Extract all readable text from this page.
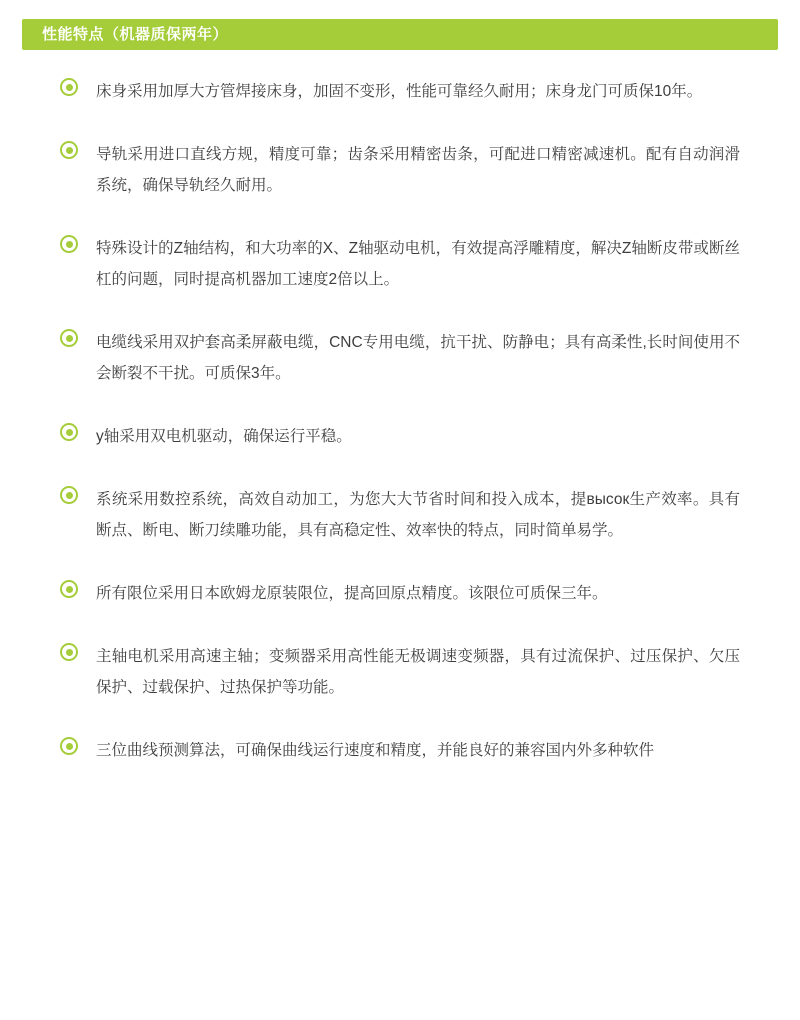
性能特点（机器质保两年）
床身采用加厚大方管焊接床身，加固不变形，性能可靠经久耐用；床身龙门可质保10年。
导轨采用进口直线方规，精度可靠；齿条采用精密齿条，可配进口精密减速机。配有自动润滑系统，确保导轨经久耐用。
特殊设计的Z轴结构，和大功率的X、Z轴驱动电机，有效提高浮雕精度，解决Z轴断皮带或断丝杠的问题，同时提高机器加工速度2倍以上。
电缆线采用双护套高柔屏蔽电缆，CNC专用电缆，抗干扰、防静电；具有高柔性,长时间使用不会断裂不干扰。可质保3年。
y轴采用双电机驱动，确保运行平稳。
系统采用数控系统，高效自动加工，为您大大节省时间和投入成本，提высок生产效率。具有断点、断电、断刀续雕功能，具有高稳定性、效率快的特点，同时简单易学。
所有限位采用日本欧姆龙原装限位，提高回原点精度。该限位可质保三年。
主轴电机采用高速主轴；变频器采用高性能无极调速变频器，具有过流保护、过压保护、欠压保护、过载保护、过热保护等功能。
三位曲线预测算法，可确保曲线运行速度和精度，并能良好的兼容国内外多种软件
